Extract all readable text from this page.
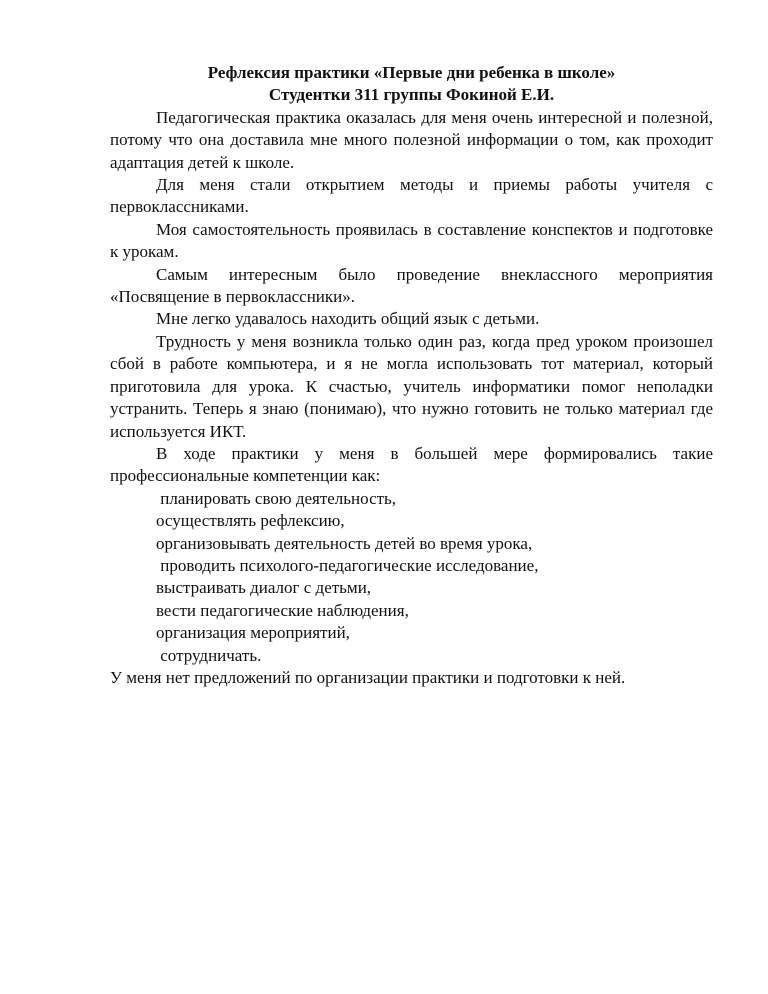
Рефлексия практики «Первые дни ребенка в школе»
Студентки 311 группы Фокиной Е.И.

Педагогическая практика оказалась для меня очень интересной и полезной, потому что она доставила мне много полезной информации о том, как проходит адаптация детей к школе.

Для меня стали открытием методы и приемы работы учителя с первоклассниками.

Моя самостоятельность проявилась в составление конспектов и подготовке к урокам.

Самым интересным было проведение внеклассного мероприятия «Посвящение в первоклассники».

Мне легко удавалось находить общий язык с детьми.

Трудность у меня возникла только один раз, когда пред уроком произошел сбой в работе компьютера, и я не могла использовать тот материал, который приготовила для урока. К счастью, учитель информатики помог неполадки устранить. Теперь я знаю (понимаю), что нужно готовить не только материал где используется ИКТ.

В ходе практики у меня в большей мере формировались такие профессиональные компетенции как:

планировать свою деятельность,
осуществлять рефлексию,
организовывать деятельность детей во время урока,
проводить психолого-педагогические исследование,
выстраивать диалог с детьми,
вести педагогические наблюдения,
организация мероприятий,
сотрудничать.

У меня нет предложений по организации практики и подготовки к ней.
